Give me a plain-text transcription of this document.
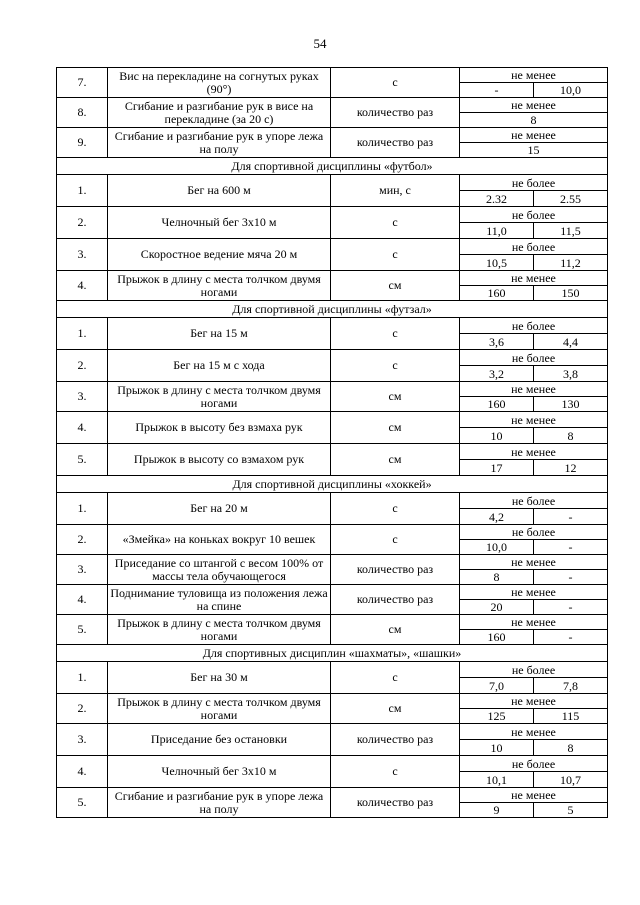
54
7.	Вис на перекладине на согнутых руках (90°)	с	не менее	
			-	10,0
8.	Сгибание и разгибание рук в висе на перекладине (за 20 с)	количество раз	не менее	
			8	
9.	Сгибание и разгибание рук в упоре лежа на полу	количество раз	не менее	
			15	
Для спортивной дисциплины «футбол»				
1.	Бег на 600 м	мин, с	не более	
			2.32	2.55
2.	Челночный бег 3х10 м	с	не более	
			11,0	11,5
3.	Скоростное ведение мяча 20 м	с	не более	
			10,5	11,2
4.	Прыжок в длину с места толчком двумя ногами	см	не менее	
			160	150
Для спортивной дисциплины «футзал»				
1.	Бег на 15 м	с	не более	
			3,6	4,4
2.	Бег на 15 м с хода	с	не более	
			3,2	3,8
3.	Прыжок в длину с места толчком двумя ногами	см	не менее	
			160	130
4.	Прыжок в высоту без взмаха рук	см	не менее	
			10	8
5.	Прыжок в высоту со взмахом рук	см	не менее	
			17	12
Для спортивной дисциплины «хоккей»				
1.	Бег на 20 м	с	не более	
			4,2	-
2.	«Змейка» на коньках вокруг 10 вешек	с	не более	
			10,0	-
3.	Приседание со штангой с весом 100% от массы тела обучающегося	количество раз	не менее	
			8	-
4.	Поднимание туловища из положения лежа на спине	количество раз	не менее	
			20	-
5.	Прыжок в длину с места толчком двумя ногами	см	не менее	
			160	-
Для спортивных дисциплин «шахматы», «шашки»				
1.	Бег на 30 м	с	не более	
			7,0	7,8
2.	Прыжок в длину с места толчком двумя ногами	см	не менее	
			125	115
3.	Приседание без остановки	количество раз	не менее	
			10	8
4.	Челночный бег 3х10 м	с	не более	
			10,1	10,7
5.	Сгибание и разгибание рук в упоре лежа на полу	количество раз	не менее	
			9	5
